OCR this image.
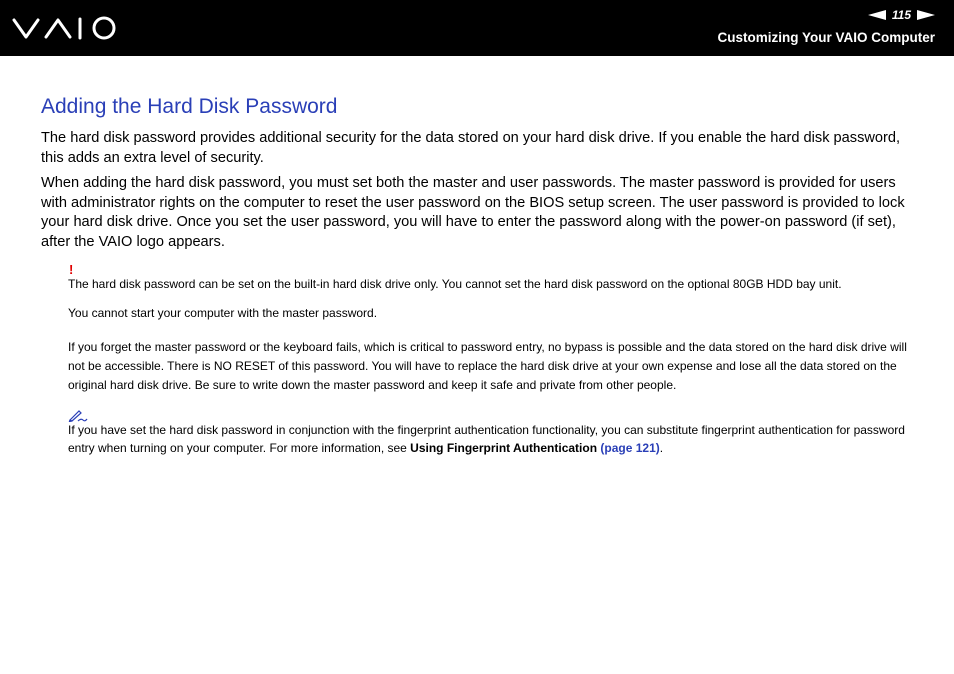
115
Customizing Your VAIO Computer
Adding the Hard Disk Password

The hard disk password provides additional security for the data stored on your hard disk drive. If you enable the hard disk password, this adds an extra level of security.

When adding the hard disk password, you must set both the master and user passwords. The master password is provided for users with administrator rights on the computer to reset the user password on the BIOS setup screen. The user password is provided to lock your hard disk drive. Once you set the user password, you will have to enter the password along with the power-on password (if set), after the VAIO logo appears.

!

The hard disk password can be set on the built-in hard disk drive only. You cannot set the hard disk password on the optional 80GB HDD bay unit.

You cannot start your computer with the master password.

If you forget the master password or the keyboard fails, which is critical to password entry, no bypass is possible and the data stored on the hard disk drive will not be accessible. There is NO RESET of this password. You will have to replace the hard disk drive at your own expense and lose all the data stored on the original hard disk drive. Be sure to write down the master password and keep it safe and private from other people.

If you have set the hard disk password in conjunction with the fingerprint authentication functionality, you can substitute fingerprint authentication for password entry when turning on your computer. For more information, see Using Fingerprint Authentication (page 121).
